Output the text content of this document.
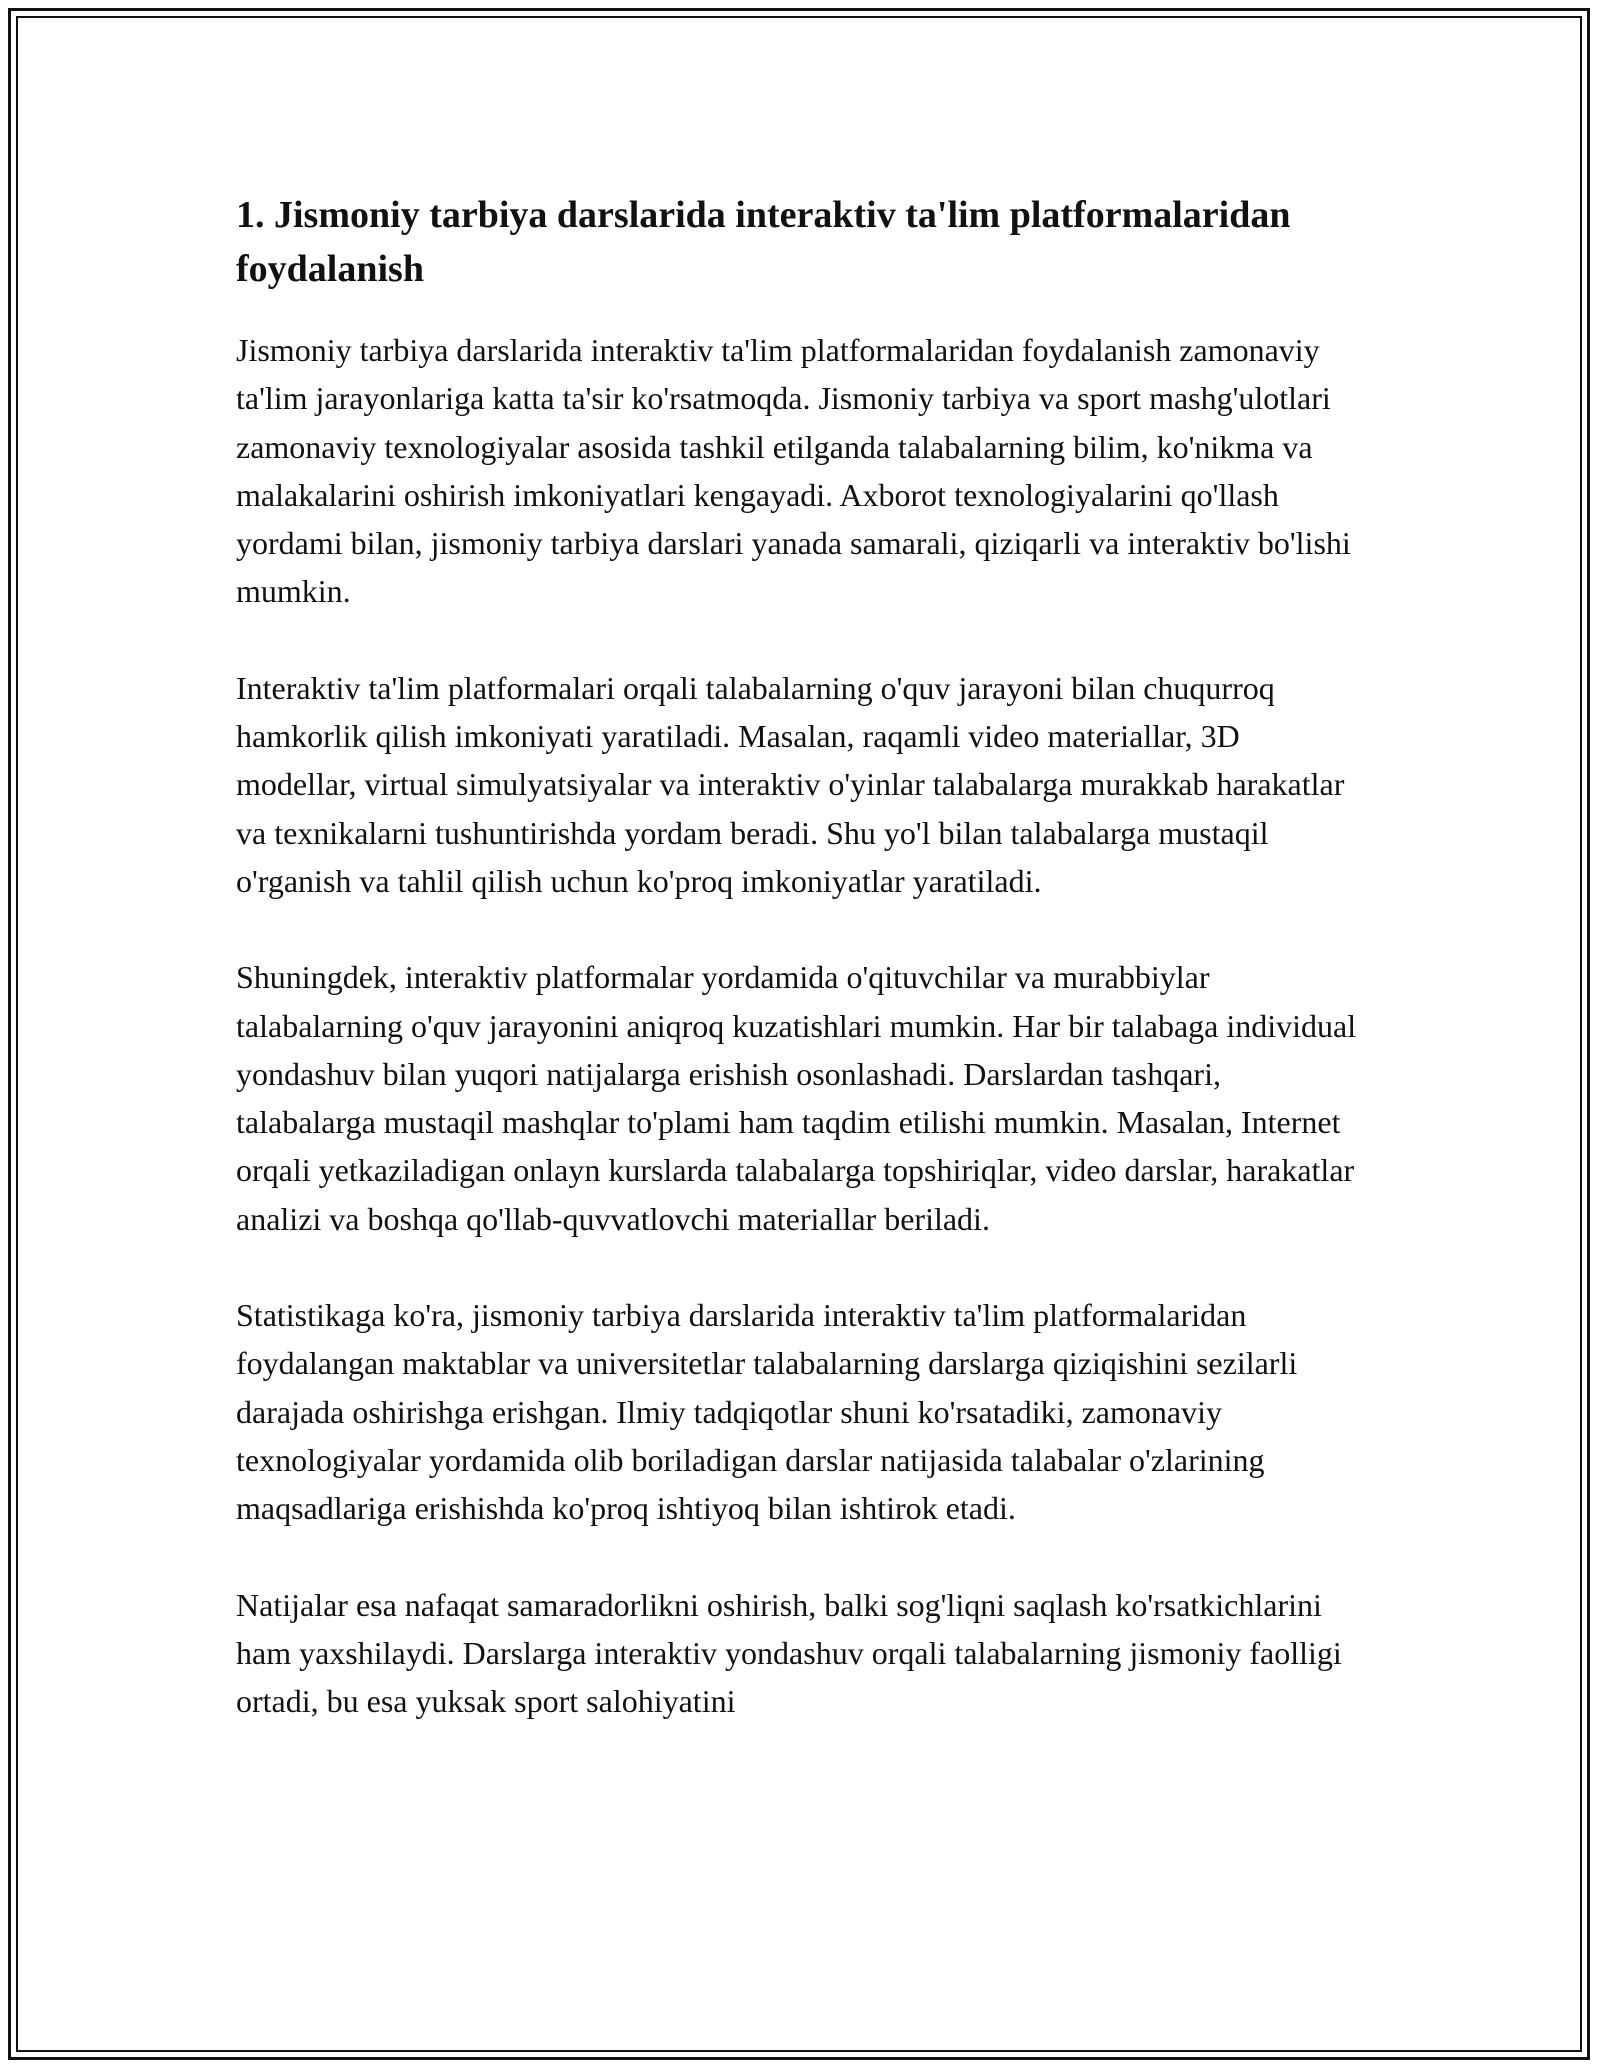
1. Jismoniy tarbiya darslarida interaktiv ta'lim platformalaridan foydalanish

Jismoniy tarbiya darslarida interaktiv ta'lim platformalaridan foydalanish zamonaviy ta'lim jarayonlariga katta ta'sir ko'rsatmoqda. Jismoniy tarbiya va sport mashg'ulotlari zamonaviy texnologiyalar asosida tashkil etilganda talabalarning bilim, ko'nikma va malakalarini oshirish imkoniyatlari kengayadi. Axborot texnologiyalarini qo'llash yordami bilan, jismoniy tarbiya darslari yanada samarali, qiziqarli va interaktiv bo'lishi mumkin.

Interaktiv ta'lim platformalari orqali talabalarning o'quv jarayoni bilan chuqurroq hamkorlik qilish imkoniyati yaratiladi. Masalan, raqamli video materiallar, 3D modellar, virtual simulyatsiyalar va interaktiv o'yinlar talabalarga murakkab harakatlar va texnikalarni tushuntirishda yordam beradi. Shu yo'l bilan talabalarga mustaqil o'rganish va tahlil qilish uchun ko'proq imkoniyatlar yaratiladi.

Shuningdek, interaktiv platformalar yordamida o'qituvchilar va murabbiylar talabalarning o'quv jarayonini aniqroq kuzatishlari mumkin. Har bir talabaga individual yondashuv bilan yuqori natijalarga erishish osonlashadi. Darslardan tashqari, talabalarga mustaqil mashqlar to'plami ham taqdim etilishi mumkin. Masalan, Internet orqali yetkaziladigan onlayn kurslarda talabalarga topshiriqlar, video darslar, harakatlar analizi va boshqa qo'llab-quvvatlovchi materiallar beriladi.

Statistikaga ko'ra, jismoniy tarbiya darslarida interaktiv ta'lim platformalaridan foydalangan maktablar va universitetlar talabalarning darslarga qiziqishini sezilarli darajada oshirishga erishgan. Ilmiy tadqiqotlar shuni ko'rsatadiki, zamonaviy texnologiyalar yordamida olib boriladigan darslar natijasida talabalar o'zlarining maqsadlariga erishishda ko'proq ishtiyoq bilan ishtirok etadi.

Natijalar esa nafaqat samaradorlikni oshirish, balki sog'liqni saqlash ko'rsatkichlarini ham yaxshilaydi. Darslarga interaktiv yondashuv orqali talabalarning jismoniy faolligi ortadi, bu esa yuksak sport salohiyatini
